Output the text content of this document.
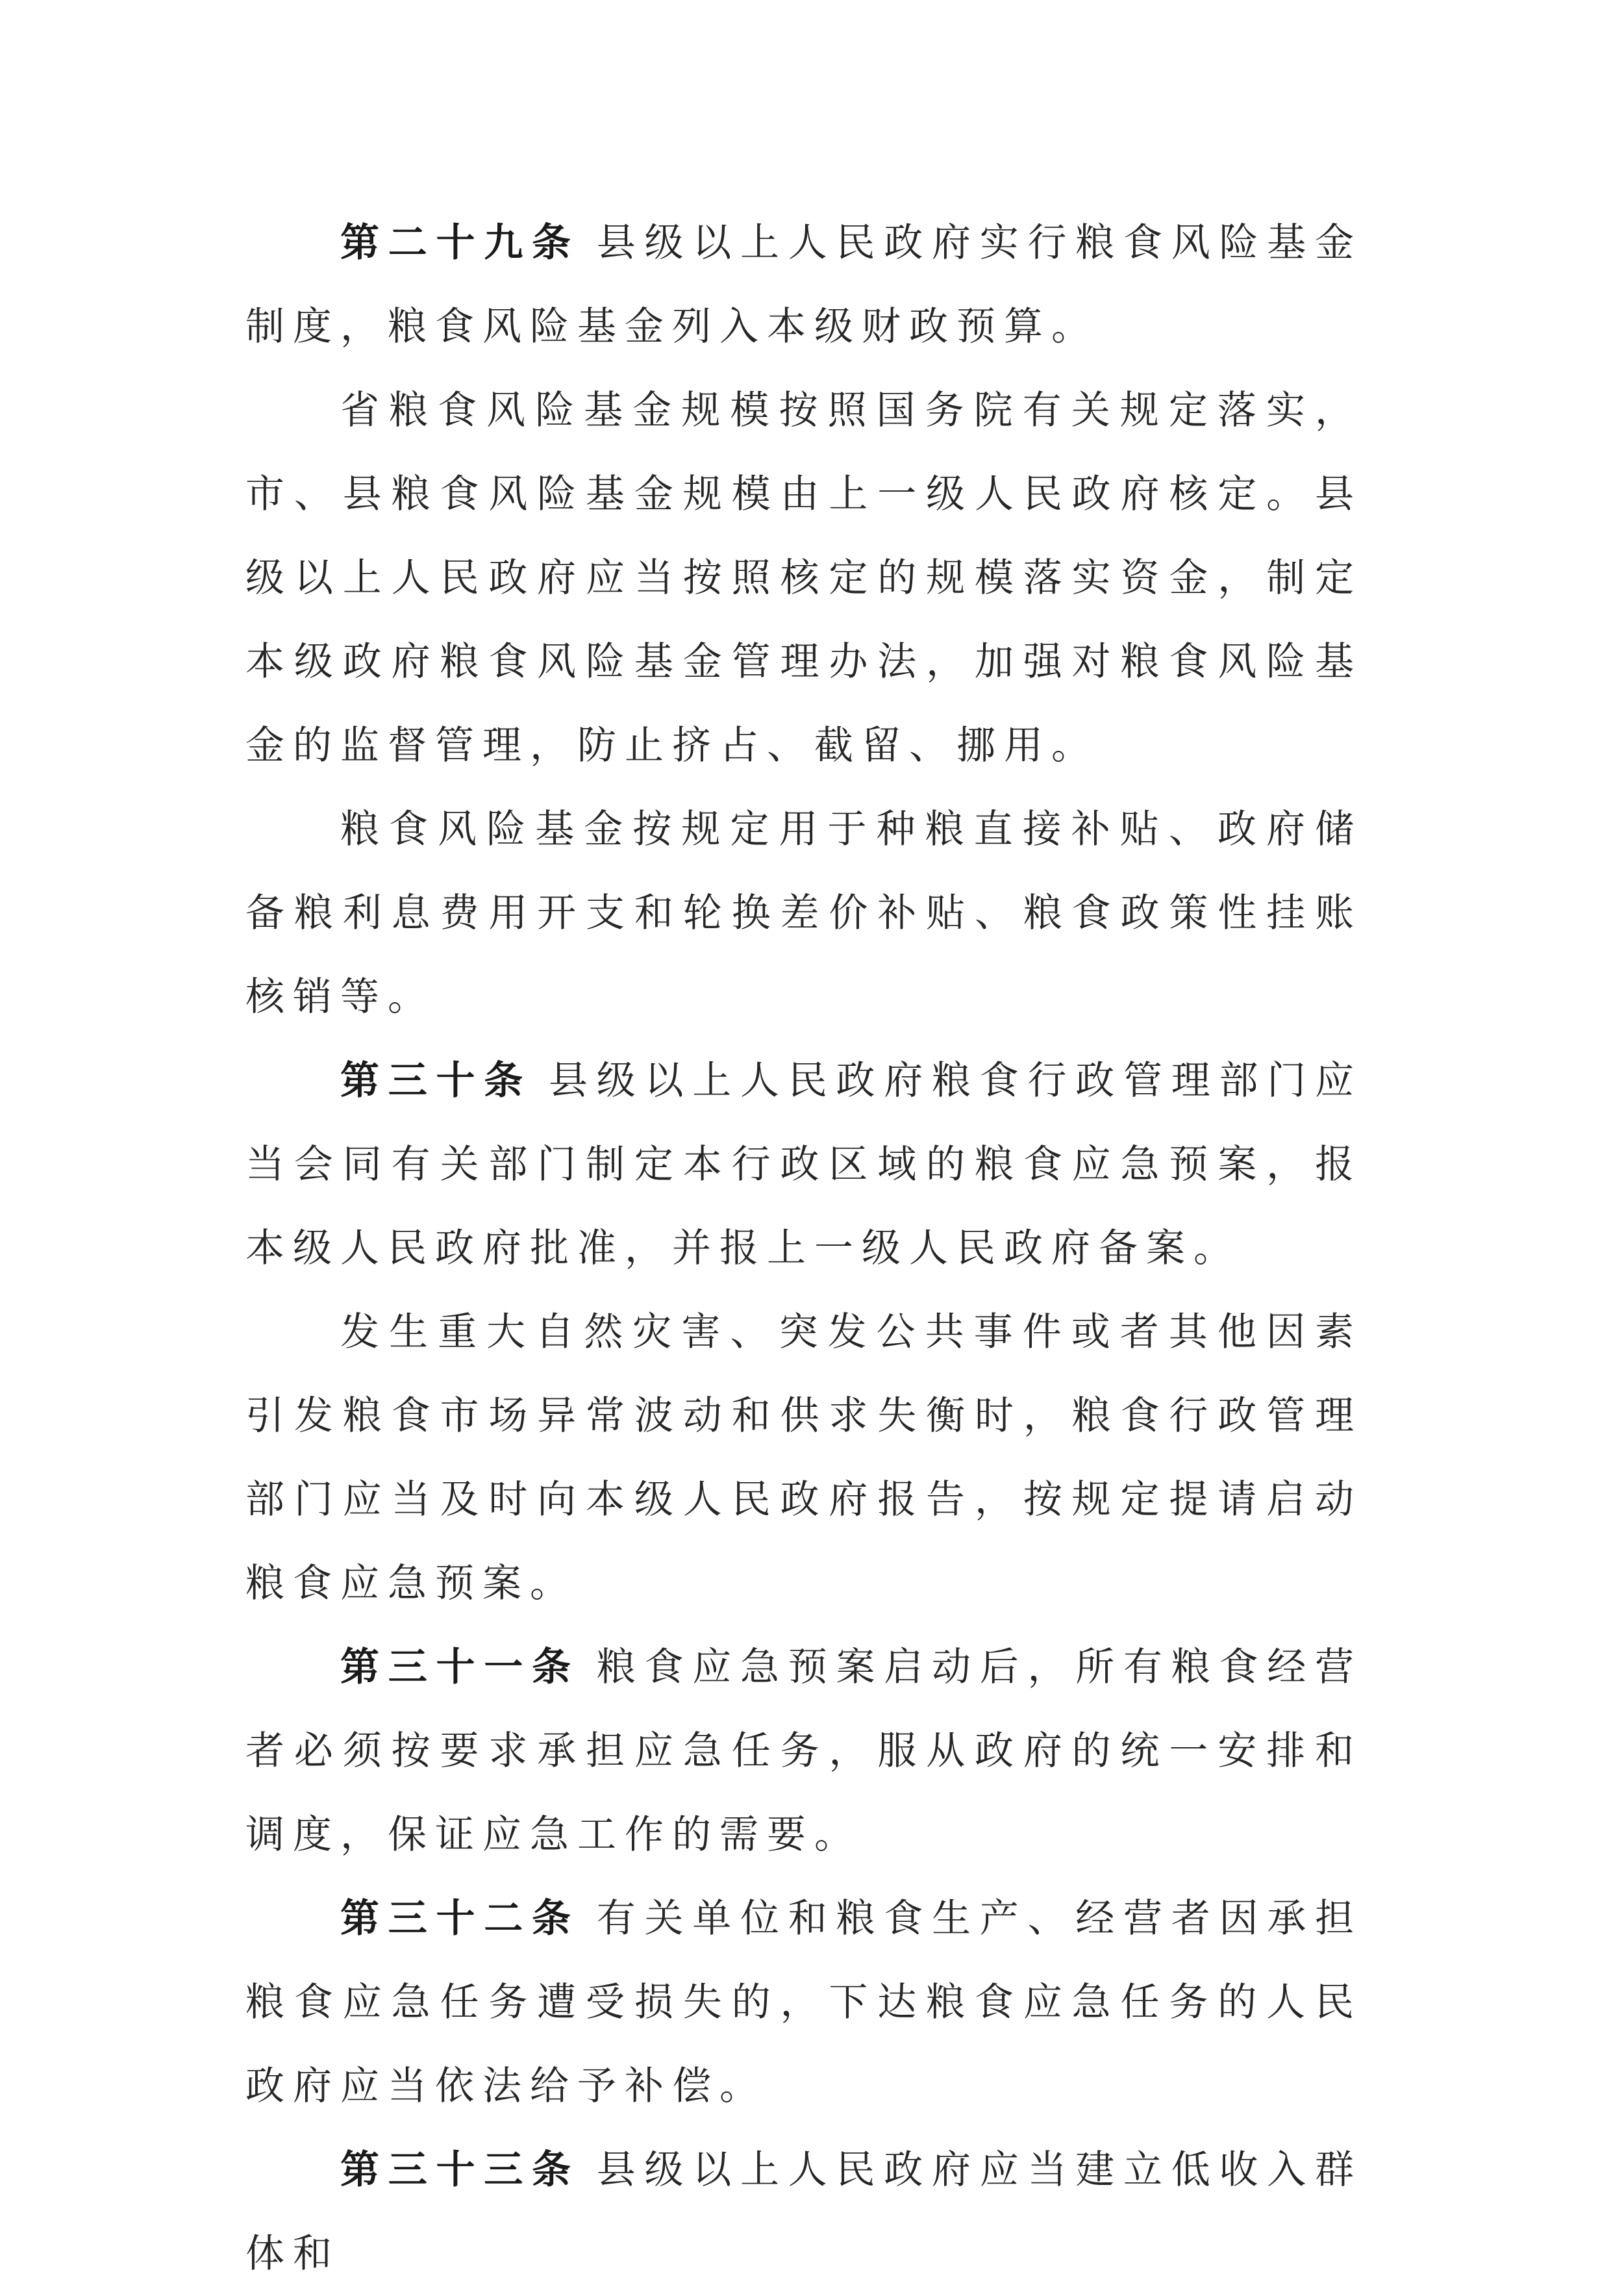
第二十九条 县级以上人民政府实行粮食风险基金制度，粮食风险基金列入本级财政预算。

省粮食风险基金规模按照国务院有关规定落实，市、县粮食风险基金规模由上一级人民政府核定。县级以上人民政府应当按照核定的规模落实资金，制定本级政府粮食风险基金管理办法，加强对粮食风险基金的监督管理，防止挤占、截留、挪用。

粮食风险基金按规定用于种粮直接补贴、政府储备粮利息费用开支和轮换差价补贴、粮食政策性挂账核销等。

第三十条 县级以上人民政府粮食行政管理部门应当会同有关部门制定本行政区域的粮食应急预案，报本级人民政府批准，并报上一级人民政府备案。

发生重大自然灾害、突发公共事件或者其他因素引发粮食市场异常波动和供求失衡时，粮食行政管理部门应当及时向本级人民政府报告，按规定提请启动粮食应急预案。

第三十一条 粮食应急预案启动后，所有粮食经营者必须按要求承担应急任务，服从政府的统一安排和调度，保证应急工作的需要。

第三十二条 有关单位和粮食生产、经营者因承担粮食应急任务遭受损失的，下达粮食应急任务的人民政府应当依法给予补偿。

第三十三条 县级以上人民政府应当建立低收入群体和
